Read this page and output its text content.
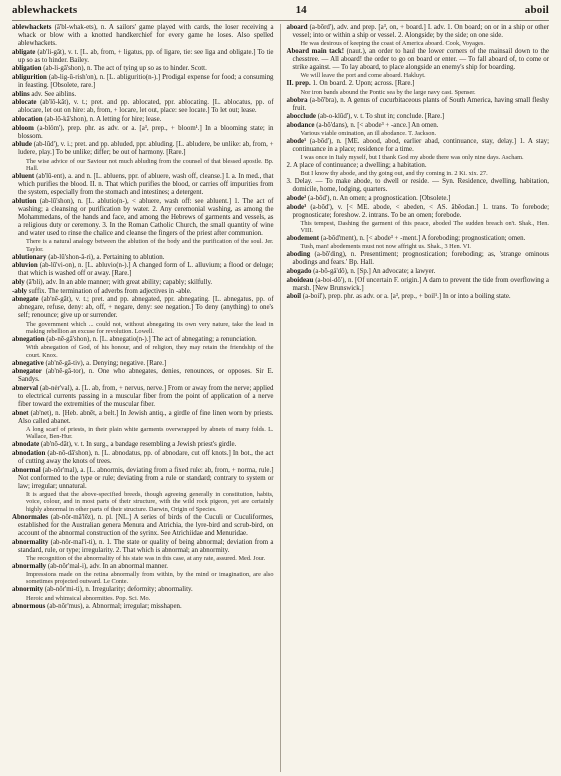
ablewhackets	14	aboil

ablewhackets (ā'bl-whak-ets), n. A sailors' game played with cards, the loser receiving a whack or blow with a knotted handkerchief for every game he loses. Also spelled ablewhackets.

abligate (ab'li-gāt), v. t. [L. ab, from, + ligatus, pp. of ligare, tie: see liga and obligate.] To tie up so as to hinder. Bailey.

abligation (ab-li-gā'shon), n. The act of tying up so as to hinder. Scott.

abligurition (ab-lig-ū-rish'on), n. [L. abliguritio(n-).] Prodigal expense for food; a consuming in feasting. [Obsolete, rare.]

ablins adv. See aiblins.

ablocate (ab'lō-kāt), v. t.; pret. and pp. ablocated, ppr. ablocating. [L. ablocatus, pp. of ablocare, let out on hire: ab, from, + locare, let out, place: see locate.] To let out; lease.

ablocation (ab-lō-kā'shon), n. A letting for hire; lease.

abloom (a-blöm'), prep. phr. as adv. or a. [a³, prep., + bloom¹.] In a blooming state; in blossom.

ablude (ab-lūd'), v. i.; pret. and pp. abluded, ppr. abluding. [L. abludere, be unlike: ab, from, + ludere, play.] To be unlike; differ; be out of harmony. [Rare.]
The wise advice of our Saviour not much abluding from the counsel of that blessed apostle. Bp. Hall.

abluent (ab'lū-ent), a. and n. [L. abluens, ppr. of abluere, wash off, cleanse.] I. a. In med., that which purifies the blood. II. n. That which purifies the blood, or carries off impurities from the system, especially from the stomach and intestines; a detergent.

ablution (ab-lū'shon), n. [L. ablutio(n-), < abluere, wash off: see abluent.] 1. The act of washing; a cleansing or purification by water. 2. Any ceremonial washing, as among the Mohammedans, of the hands and face, and among the Hebrews of garments and vessels, as a religious duty or ceremony. 3. In the Roman Catholic Church, the small quantity of wine and water used to rinse the chalice and cleanse the fingers of the priest after communion.
There is a natural analogy between the ablution of the body and the purification of the soul. Jer. Taylor.

ablutionary (ab-lū'shon-ā-ri), a. Pertaining to ablution.

abluvion (ab-lū'vi-on), n. [L. abluvio(n-).] A changed form of L. alluvium; a flood or deluge; that which is washed off or away. [Rare.]

ably (ā'bli), adv. In an able manner; with great ability; capably; skilfully.

-ably suffix. The termination of adverbs from adjectives in -able.

abnegate (ab'nē-gāt), v. t.; pret. and pp. abnegated, ppr. abnegating. [L. abnegatus, pp. of abnegare, refuse, deny: ab, off, + negare, deny: see negation.] To deny (anything) to one's self; renounce; give up or surrender.
The government which ... could not, without abnegating its own very nature, take the lead in making rebellion an excuse for revolution. Lowell.

abnegation (ab-nē-gā'shon), n. [L. abnegatio(n-).] The act of abnegating; a renunciation.
With abnegation of God, of his honour, and of religion, they may retain the friendship of the court. Knox.

abnegative (ab'nē-gā-tiv), a. Denying; negative. [Rare.]

abnegator (ab'nē-gā-tor), n. One who abnegates, denies, renounces, or opposes. Sir E. Sandys.

abnerval (ab-nėr'val), a. [L. ab, from, + nervus, nerve.] From or away from the nerve; applied to electrical currents passing in a muscular fiber from the point of application of a nerve fiber toward the extremities of the muscular fiber.

abnet (ab'net), n. [Heb. abnēt, a belt.] In Jewish antiq., a girdle of fine linen worn by priests. Also called abanet.
A long scarf of priests, in their plain white garments overwrapped by abnets of many folds. L. Wallace, Ben-Hur.

abnodate (ab'nō-dāt), v. t. In surg., a bandage resembling a Jewish priest's girdle.

abnodation (ab-nō-dā'shon), n. [L. abnodatus, pp. of abnodare, cut off knots.] In bot., the act of cutting away the knots of trees.

abnormal (ab-nôr'mal), a. [L. abnormis, deviating from a fixed rule: ab, from, + norma, rule.] Not conformed to the type or rule; deviating from a rule or standard; contrary to system or law; irregular; unnatural.
It is argued that the above-specified breeds, though agreeing generally in constitution, habits, voice, colour, and in most parts of their structure, with the wild rock pigeon, yet are certainly highly abnormal in other parts of their structure. Darwin, Origin of Species.

Abnormales (ab-nôr-mā'lēz), n. pl. [NL.] A series of birds of the Cuculi or Cuculiformes, established for the Australian genera Menura and Atrichia, the lyre-bird and scrub-bird, on account of the abnormal construction of the syrinx. See Atrichiidae and Menuridae.

abnormality (ab-nôr-mal'i-ti), n. 1. The state or quality of being abnormal; deviation from a standard, rule, or type; irregularity. 2. That which is abnormal; an abnormity.
The recognition of the abnormality of his state was in this case, at any rate, assured. Med. Jour.

abnormally (ab-nôr'mal-i), adv. In an abnormal manner.
Impressions made on the retina abnormally from within, by the mind or imagination, are also sometimes projected outward. Le Conte.

abnormity (ab-nôr'mi-ti), n. Irregularity; deformity; abnormality.
Heroic and whimsical abnormities. Pop. Sci. Mo.

abnormous (ab-nôr'mus), a. Abnormal; irregular; misshapen.

aboard (a-bōrd'), adv. and prep. [a³, on, + board.] I. adv. 1. On board; on or in a ship or other vessel; into or within a ship or vessel. 2. Alongside; by the side; on one side.
He was desirous of keeping the coast of America aboard. Cook, Voyages.

Aboard main tack! (naut.), an order to haul the lower corners of the mainsail down to the chesstree. — All aboard! the order to go on board or enter. — To fall aboard of, to come or strike against. — To lay aboard, to place alongside an enemy's ship for boarding.
We will leave the port and come aboard. Hakluyt.

II. prep. 1. On board. 2. Upon; across. [Rare.]
Nor iron bands abound the Pontic sea by the large navy cast. Spenser.

abobra (a-bō'bra), n. A genus of cucurbitaceous plants of South America, having small fleshy fruit.

abocclude (ab-o-klūd'), v. t. To shut in; conclude. [Rare.]

abodance (a-bō'dans), n. [< abode³ + -ance.] An omen.
Various viable omination, an ill abodance. T. Jackson.

abode¹ (a-bōd'), n. [ME. abood, abod, earlier abad, continuance, stay, delay.] 1. A stay; continuance in a place; residence for a time.
I was once in Italy myself, but I thank God my abode there was only nine days. Ascham.

2. A place of continuance; a dwelling; a habitation.
But I know thy abode, and thy going out, and thy coming in. 2 Ki. xix. 27.

3. Delay. — To make abode, to dwell or reside. — Syn. Residence, dwelling, habitation, domicile, home, lodging, quarters.

abode² (a-bōd'), n. An omen; a prognostication. [Obsolete.]

abode³ (a-bōd'), v. [< ME. abode, < abeden, < AS. ābēodan.] 1. trans. To forebode; prognosticate; foreshow. 2. intrans. To be an omen; forebode.
This tempest, Dashing the garment of this peace, aboded The sudden breach on't. Shak., Hen. VIII.

abodement (a-bōd'ment), n. [< abode³ + -ment.] A foreboding; prognostication; omen.
Tush, man! abodements must not now affright us. Shak., 3 Hen. VI.

aboding (a-bō'ding), n. Presentiment; prognostication; foreboding; as, 'strange ominous abodings and fears.' Bp. Hall.

abogado (a-bō-gä'dō), n. [Sp.] An advocate; a lawyer.

aboideau (a-boi-dō'), n. [Of uncertain F. origin.] A dam to prevent the tide from overflowing a marsh. [New Brunswick.]

aboil (a-boil'), prep. phr. as adv. or a. [a³, prep., + boil¹.] In or into a boiling state.
